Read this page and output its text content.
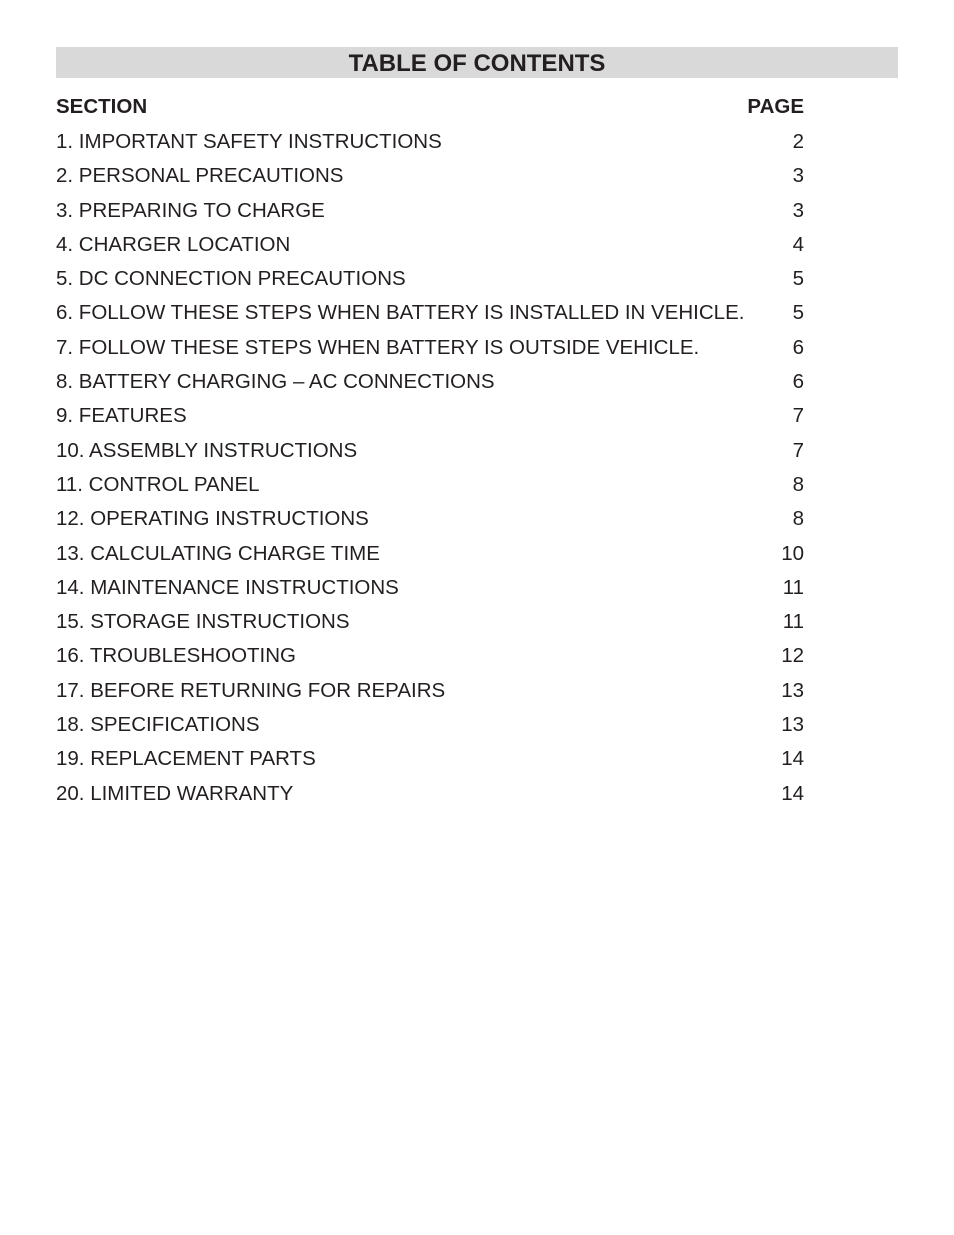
TABLE OF CONTENTS
SECTION	PAGE
1. IMPORTANT SAFETY INSTRUCTIONS	2
2. PERSONAL PRECAUTIONS	3
3. PREPARING TO CHARGE	3
4. CHARGER LOCATION	4
5. DC CONNECTION PRECAUTIONS	5
6. FOLLOW THESE STEPS WHEN BATTERY IS INSTALLED IN VEHICLE. 5
7. FOLLOW THESE STEPS WHEN BATTERY IS OUTSIDE VEHICLE.	6
8. BATTERY CHARGING – AC CONNECTIONS	6
9. FEATURES	7
10. ASSEMBLY INSTRUCTIONS	7
11. CONTROL PANEL	8
12. OPERATING INSTRUCTIONS	8
13. CALCULATING CHARGE TIME	10
14. MAINTENANCE INSTRUCTIONS	11
15. STORAGE INSTRUCTIONS	11
16. TROUBLESHOOTING	12
17. BEFORE RETURNING FOR REPAIRS	13
18. SPECIFICATIONS	13
19. REPLACEMENT PARTS	14
20. LIMITED WARRANTY	14
